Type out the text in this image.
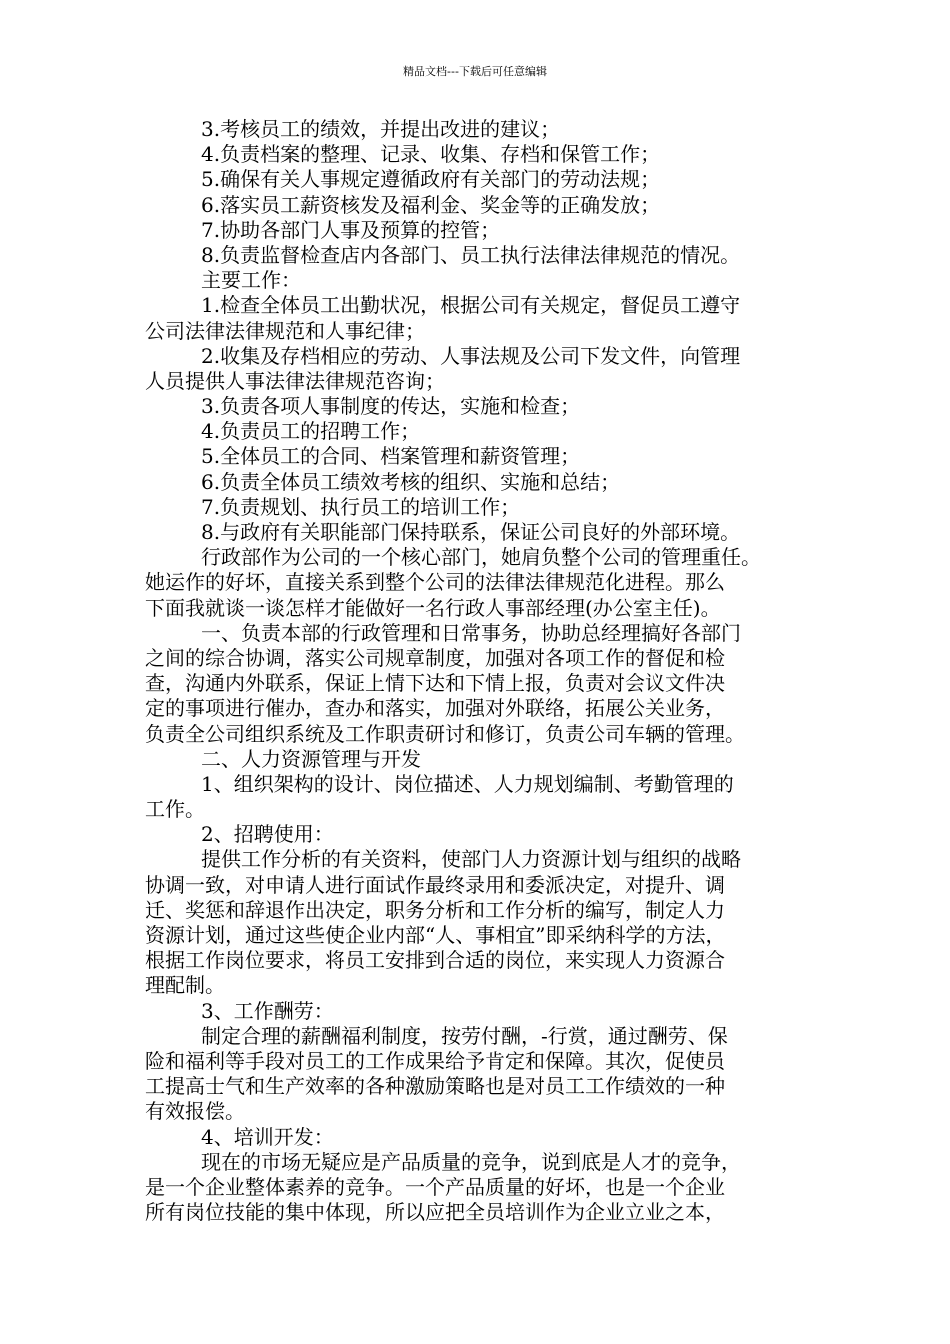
精品文档---下载后可任意编辑
3.考核员工的绩效，并提出改进的建议；
4.负责档案的整理、记录、收集、存档和保管工作；
5.确保有关人事规定遵循政府有关部门的劳动法规；
6.落实员工薪资核发及福利金、奖金等的正确发放；
7.协助各部门人事及预算的控管；
8.负责监督检查店内各部门、员工执行法律法律规范的情况。
主要工作：
1.检查全体员工出勤状况，根据公司有关规定，督促员工遵守
公司法律法律规范和人事纪律；
2.收集及存档相应的劳动、人事法规及公司下发文件，向管理
人员提供人事法律法律规范咨询；
3.负责各项人事制度的传达，实施和检查；
4.负责员工的招聘工作；
5.全体员工的合同、档案管理和薪资管理；
6.负责全体员工绩效考核的组织、实施和总结；
7.负责规划、执行员工的培训工作；
8.与政府有关职能部门保持联系，保证公司良好的外部环境。
行政部作为公司的一个核心部门，她肩负整个公司的管理重任。
她运作的好坏，直接关系到整个公司的法律法律规范化进程。那么
下面我就谈一谈怎样才能做好一名行政人事部经理(办公室主任)。
一、负责本部的行政管理和日常事务，协助总经理搞好各部门
之间的综合协调，落实公司规章制度，加强对各项工作的督促和检
查，沟通内外联系，保证上情下达和下情上报，负责对会议文件决
定的事项进行催办，查办和落实，加强对外联络，拓展公关业务，
负责全公司组织系统及工作职责研讨和修订，负责公司车辆的管理。
二、人力资源管理与开发
1、组织架构的设计、岗位描述、人力规划编制、考勤管理的
工作。
2、招聘使用：
提供工作分析的有关资料，使部门人力资源计划与组织的战略
协调一致，对申请人进行面试作最终录用和委派决定，对提升、调
迁、奖惩和辞退作出决定，职务分析和工作分析的编写，制定人力
资源计划，通过这些使企业内部“人、事相宜”即采纳科学的方法，
根据工作岗位要求，将员工安排到合适的岗位，来实现人力资源合
理配制。
3、工作酬劳：
制定合理的薪酬福利制度，按劳付酬，-行赏，通过酬劳、保
险和福利等手段对员工的工作成果给予肯定和保障。其次，促使员
工提高士气和生产效率的各种激励策略也是对员工工作绩效的一种
有效报偿。
4、培训开发：
现在的市场无疑应是产品质量的竞争，说到底是人才的竞争，
是一个企业整体素养的竞争。一个产品质量的好坏，也是一个企业
所有岗位技能的集中体现，所以应把全员培训作为企业立业之本，
